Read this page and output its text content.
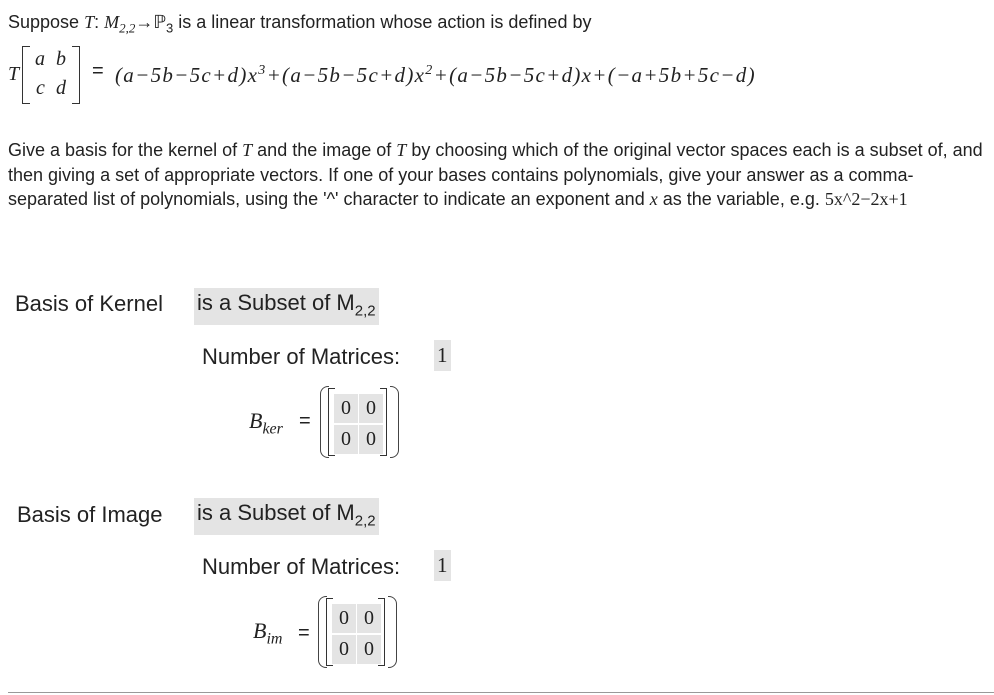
Suppose T: $M_{2,2}\to ℙ_3$ is a linear transformation whose action is defined by
T
a b
c d
= $(a-5b-5c+d)x^3+(a-5b-5c+d)x^2+(a-5b-5c+d)x+(-a+5b+5c-d)$
Give a basis for the kernel of T and the image of T by choosing which of the original vector spaces each is a subset of, and then giving a set of appropriate vectors. If one of your bases contains polynomials, give your answer as a comma-separated list of polynomials, using the '^' character to indicate an exponent and x as the variable, e.g. 5x^2−2x+1
Basis of Kernel is a Subset of $M_{2,2}$
Number of Matrices: 1
$B_{ker}$ =
0 0
0 0
Basis of Image is a Subset of $M_{2,2}$
Number of Matrices: 1
$B_{im}$ =
0 0
0 0
